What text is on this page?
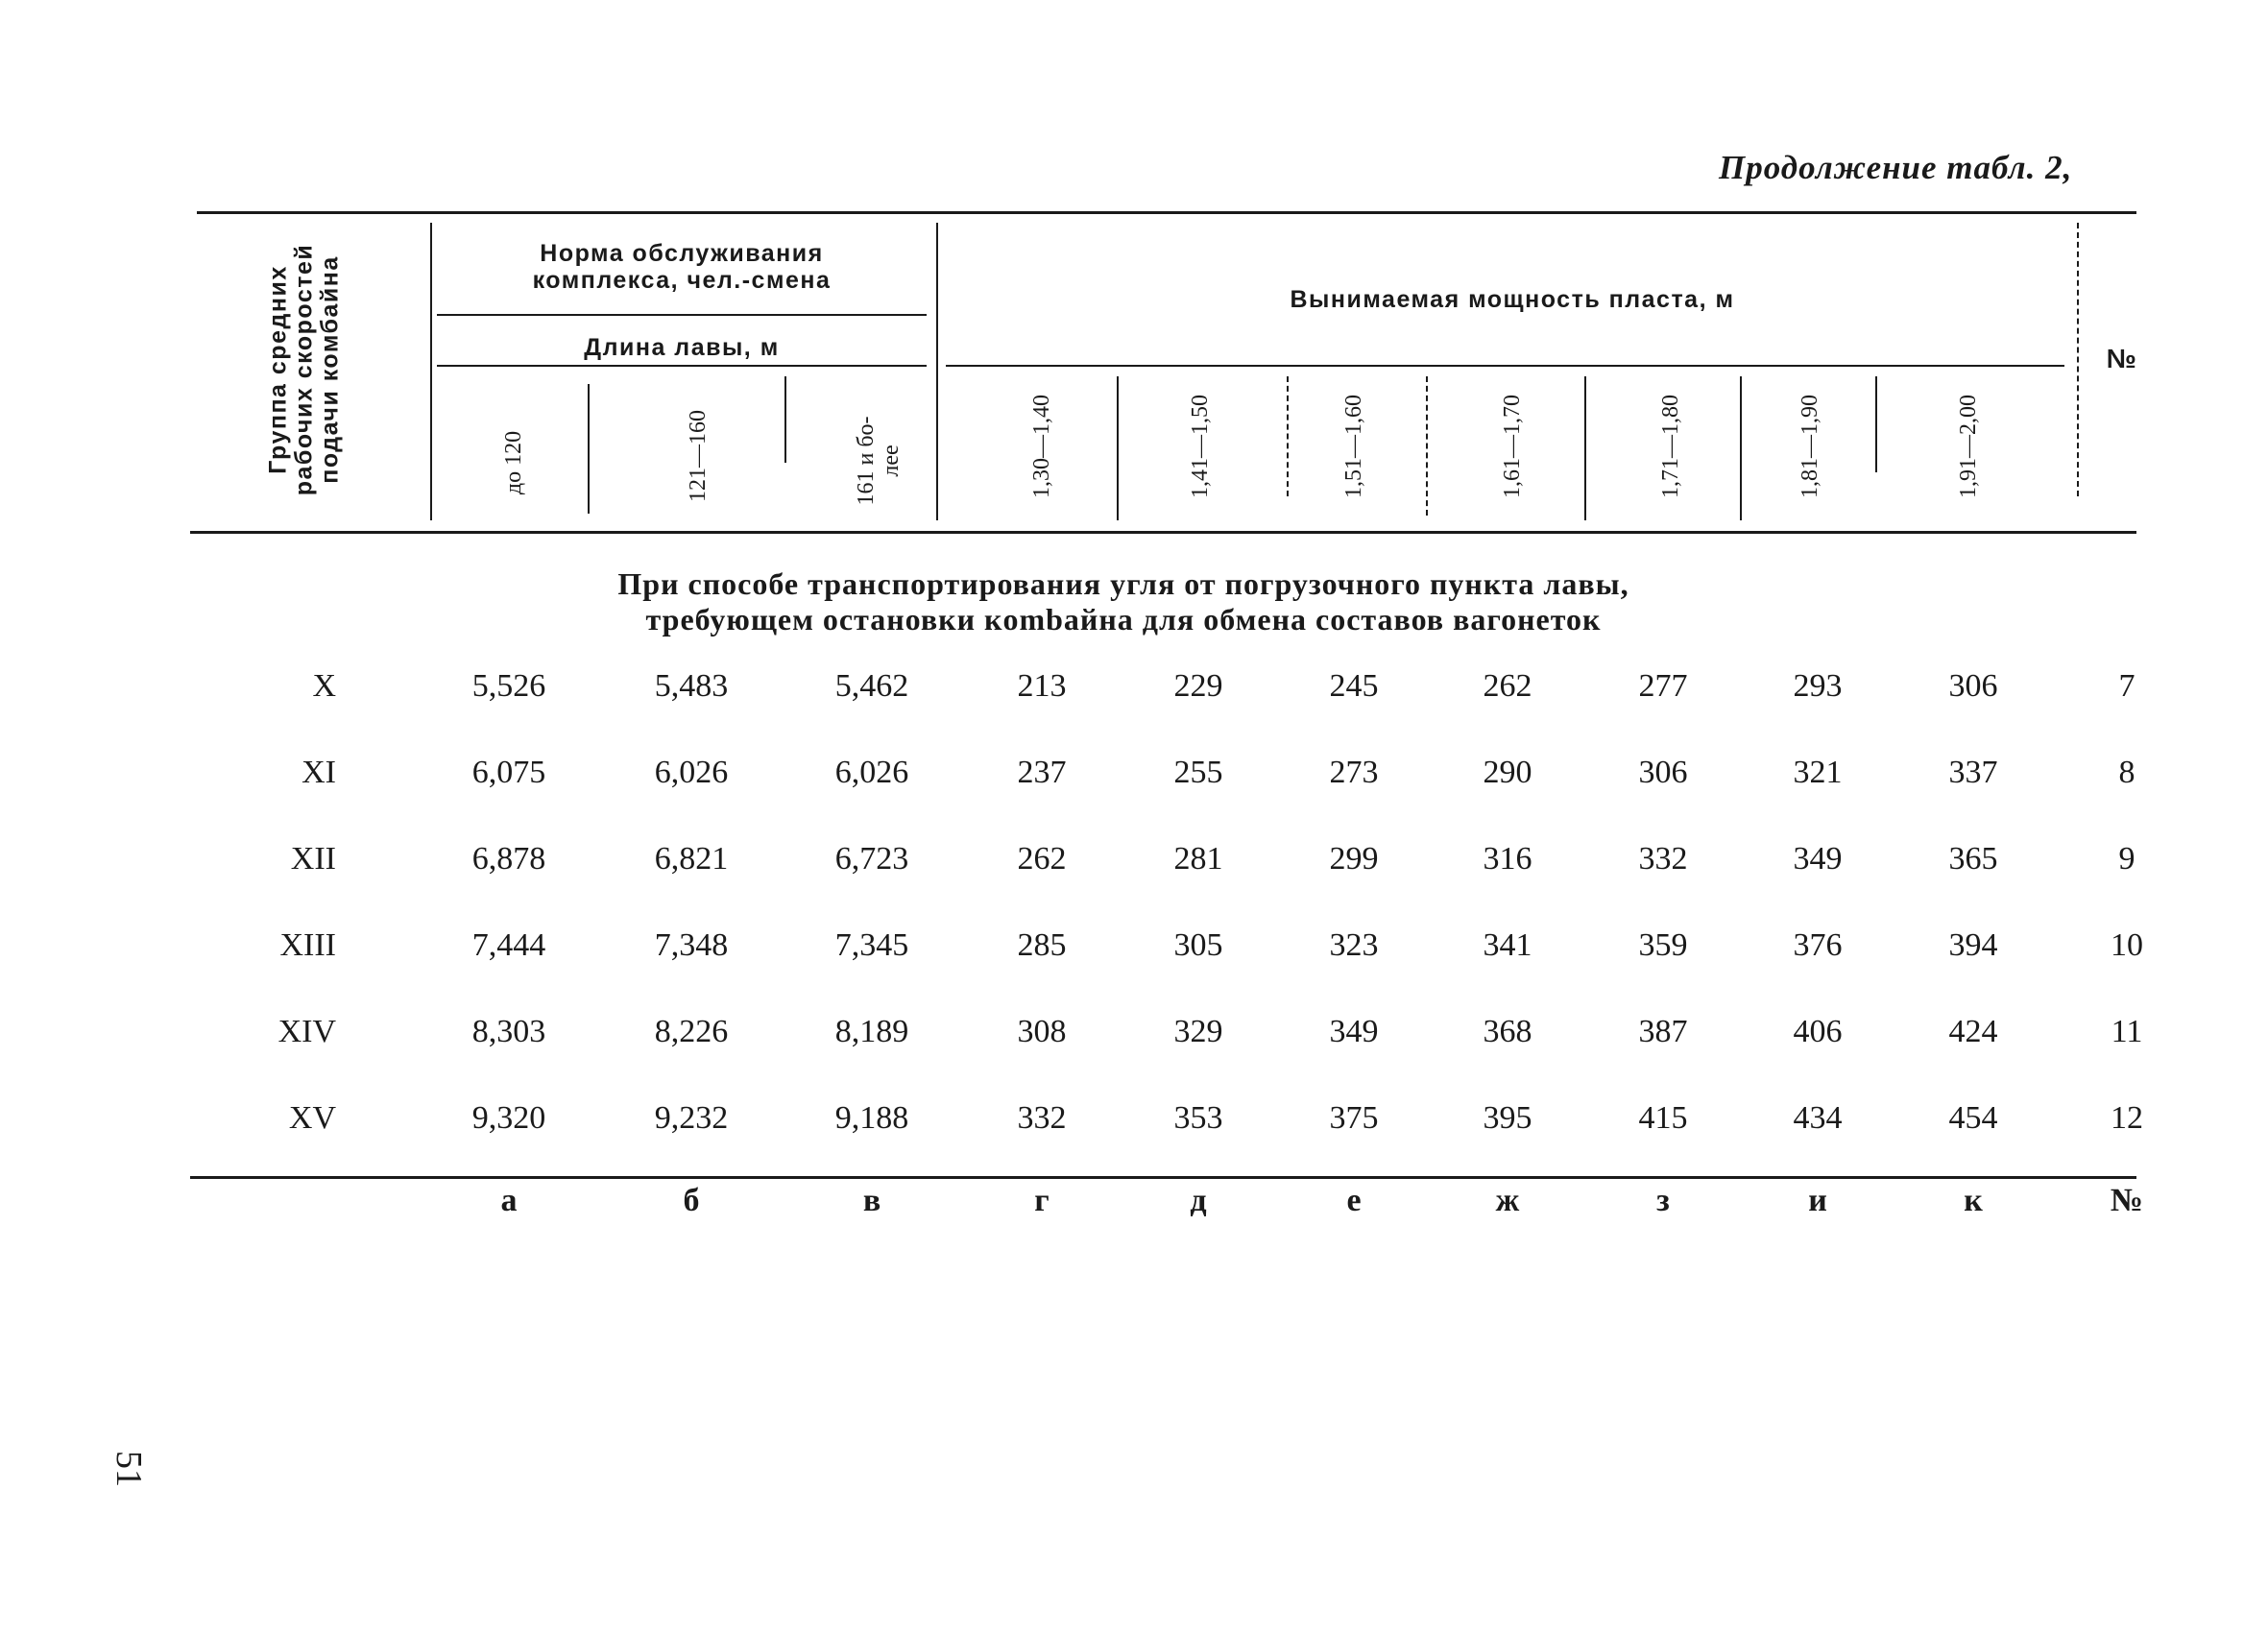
Продолжение табл. 2,
Группа средних рабочих скоростей подачи комбайна
Норма обслуживания
комплекса, чел.-смена
Длина лавы, м
Вынимаемая мощность пласта, м
№
до 120	121—160	161 и бо- лее	1,30—1,40	1,41—1,50	1,51—1,60	1,61—1,70	1,71—1,80	1,81—1,90	1,91—2,00
При способе транспортирования угля от погрузочного пункта лавы,
требующем остановки кombайна для обмена составов вагонеток
X	5,526	5,483	5,462	213	229	245	262	277	293	306	7
XI	6,075	6,026	6,026	237	255	273	290	306	321	337	8
XII	6,878	6,821	6,723	262	281	299	316	332	349	365	9
XIII	7,444	7,348	7,345	285	305	323	341	359	376	394	10
XIV	8,303	8,226	8,189	308	329	349	368	387	406	424	11
XV	9,320	9,232	9,188	332	353	375	395	415	434	454	12
а	б	в	г	д	е	ж	з	и	к	№
51
